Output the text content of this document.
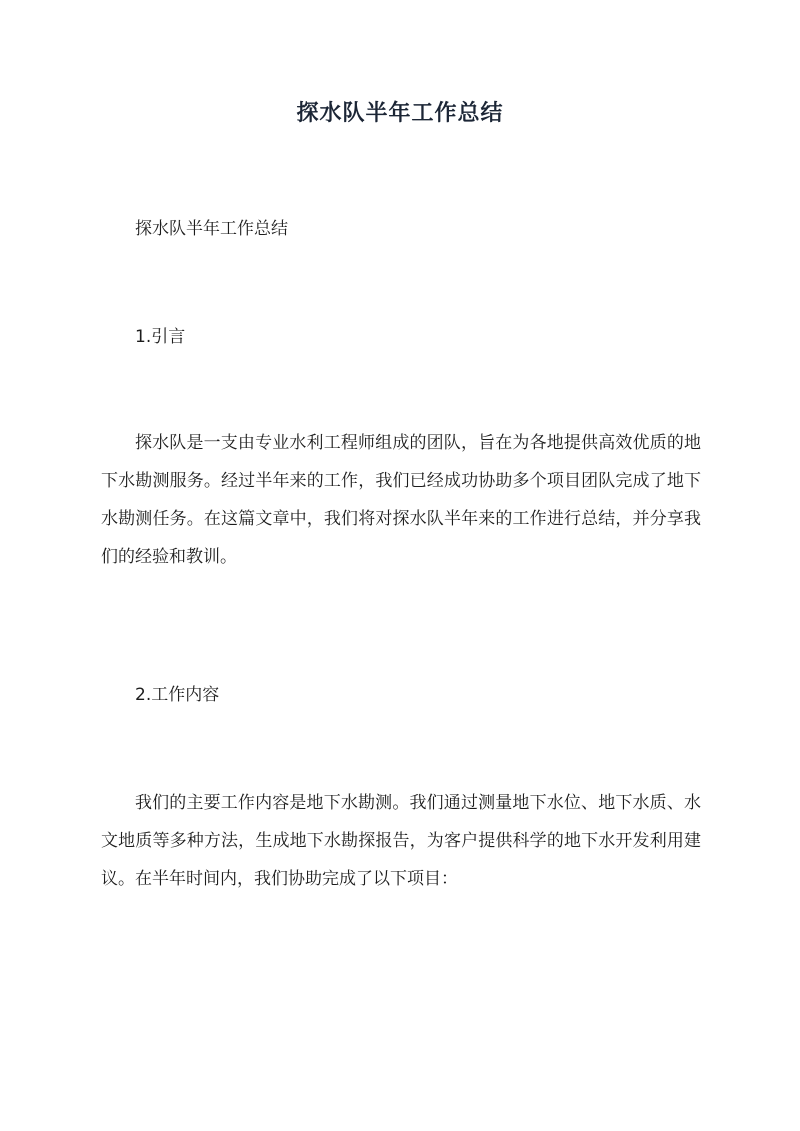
探水队半年工作总结

探水队半年工作总结

1.引言

探水队是一支由专业水利工程师组成的团队，旨在为各地提供高效优质的地下水勘测服务。经过半年来的工作，我们已经成功协助多个项目团队完成了地下水勘测任务。在这篇文章中，我们将对探水队半年来的工作进行总结，并分享我们的经验和教训。

2.工作内容

我们的主要工作内容是地下水勘测。我们通过测量地下水位、地下水质、水文地质等多种方法，生成地下水勘探报告，为客户提供科学的地下水开发利用建议。在半年时间内，我们协助完成了以下项目：
